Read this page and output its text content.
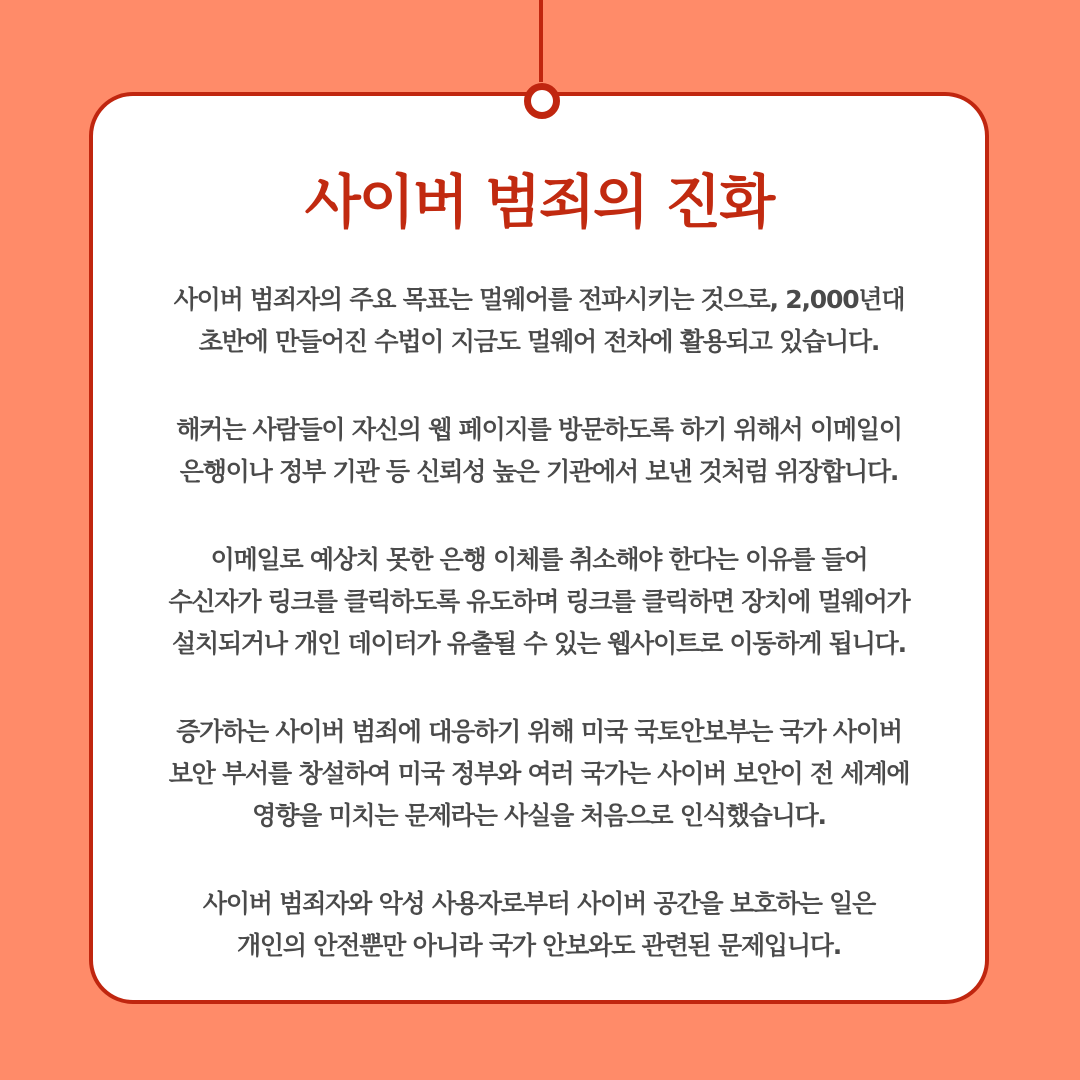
사이버 범죄의 진화
사이버 범죄자의 주요 목표는 멀웨어를 전파시키는 것으로, 2,000년대
초반에 만들어진 수법이 지금도 멀웨어 전차에 활용되고 있습니다.
해커는 사람들이 자신의 웹 페이지를 방문하도록 하기 위해서 이메일이
은행이나 정부 기관 등 신뢰성 높은 기관에서 보낸 것처럼 위장합니다.
이메일로 예상치 못한 은행 이체를 취소해야 한다는 이유를 들어
수신자가 링크를 클릭하도록 유도하며 링크를 클릭하면 장치에 멀웨어가
설치되거나 개인 데이터가 유출될 수 있는 웹사이트로 이동하게 됩니다.
증가하는 사이버 범죄에 대응하기 위해 미국 국토안보부는 국가 사이버
보안 부서를 창설하여 미국 정부와 여러 국가는 사이버 보안이 전 세계에
영향을 미치는 문제라는 사실을 처음으로 인식했습니다.
사이버 범죄자와 악성 사용자로부터 사이버 공간을 보호하는 일은
개인의 안전뿐만 아니라 국가 안보와도 관련된 문제입니다.
